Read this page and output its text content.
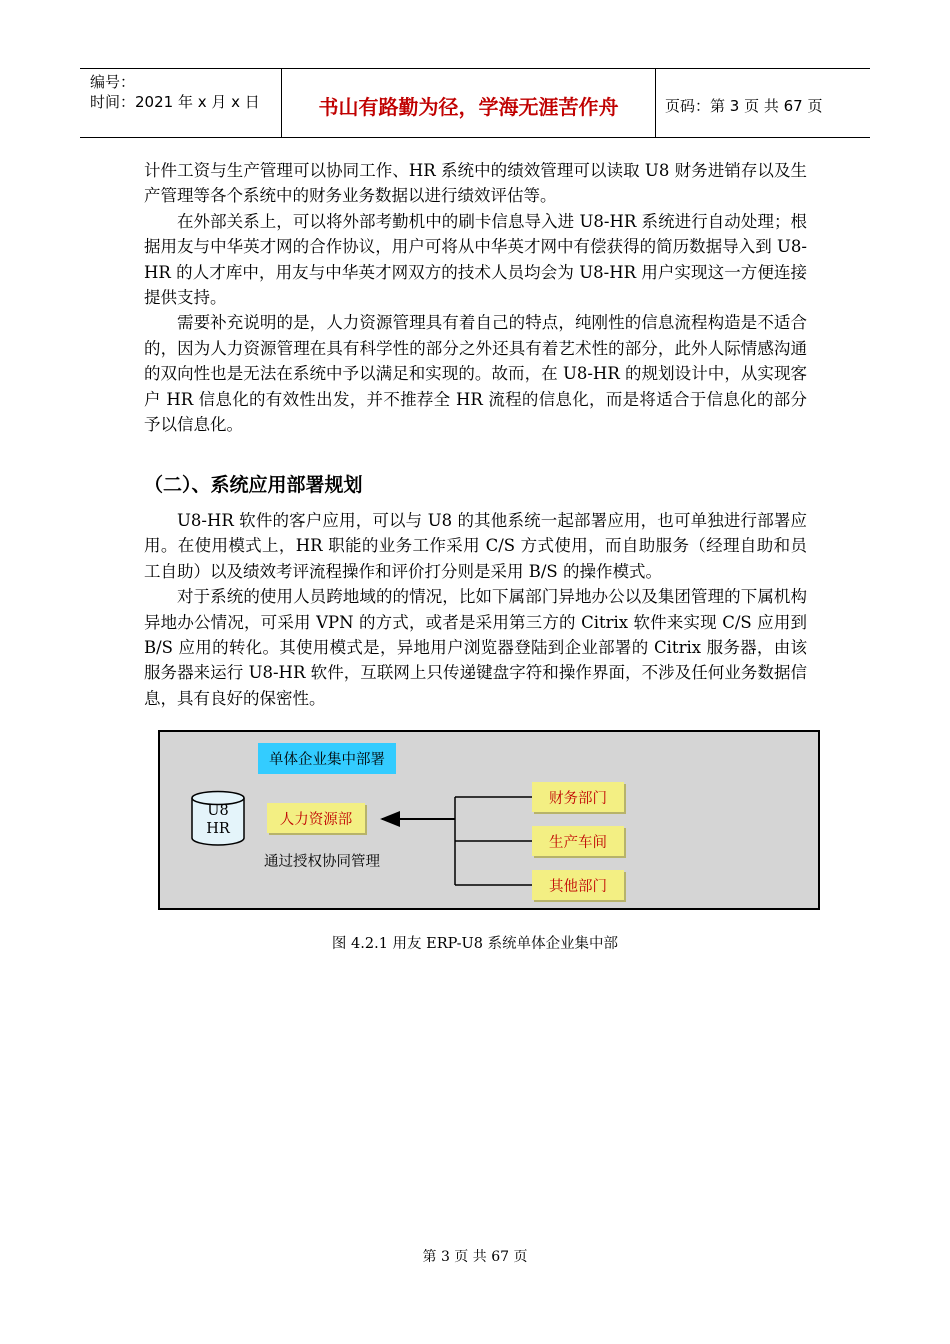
编号：
时间：2021 年 x 月 x 日	书山有路勤为径，学海无涯苦作舟	页码：第 3 页 共 67 页

计件工资与生产管理可以协同工作、HR 系统中的绩效管理可以读取 U8 财务进销存以及生产管理等各个系统中的财务业务数据以进行绩效评估等。

在外部关系上，可以将外部考勤机中的刷卡信息导入进 U8-HR 系统进行自动处理；根据用友与中华英才网的合作协议，用户可将从中华英才网中有偿获得的简历数据导入到 U8-HR 的人才库中，用友与中华英才网双方的技术人员均会为 U8-HR 用户实现这一方便连接提供支持。

需要补充说明的是，人力资源管理具有着自己的特点，纯刚性的信息流程构造是不适合的，因为人力资源管理在具有科学性的部分之外还具有着艺术性的部分，此外人际情感沟通的双向性也是无法在系统中予以满足和实现的。故而，在 U8-HR 的规划设计中，从实现客户 HR 信息化的有效性出发，并不推荐全 HR 流程的信息化，而是将适合于信息化的部分予以信息化。

（二）、系统应用部署规划

U8-HR 软件的客户应用，可以与 U8 的其他系统一起部署应用，也可单独进行部署应用。在使用模式上，HR 职能的业务工作采用 C/S 方式使用，而自助服务（经理自助和员工自助）以及绩效考评流程操作和评价打分则是采用 B/S 的操作模式。

对于系统的使用人员跨地域的的情况，比如下属部门异地办公以及集团管理的下属机构异地办公情况，可采用 VPN 的方式，或者是采用第三方的 Citrix 软件来实现 C/S 应用到 B/S 应用的转化。其使用模式是，异地用户浏览器登陆到企业部署的 Citrix 服务器，由该服务器来运行 U8-HR 软件，互联网上只传递键盘字符和操作界面，不涉及任何业务数据信息，具有良好的保密性。

单体企业集中部署
U8
HR
人力资源部
通过授权协同管理
财务部门
生产车间
其他部门
图 4.2.1 用友 ERP-U8 系统单体企业集中部
第 3 页 共 67 页
